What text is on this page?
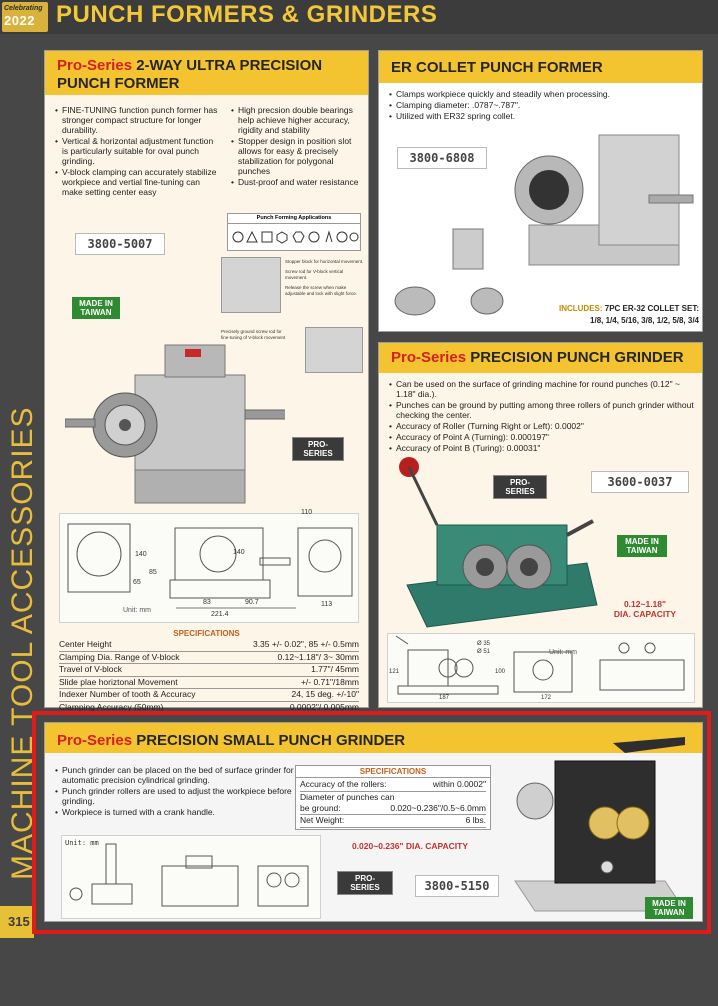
Celebrating
2022 PUNCH FORMERS & GRINDERS
MACHINE TOOL ACCESSORIES
315
Pro-Series 2-WAY ULTRA PRECISION
PUNCH FORMER
• FINE-TUNING function punch former has stronger compact structure for longer durability.
• Vertical & horizontal adjustment function is particularly suitable for oval punch grinding.
• V-block clamping can accurately stabilize workpiece and vertial fine-tuning can make setting center easy
• High precsion double bearings help achieve higher accuracy, rigidity and stability
• Stopper design in position slot allows for easy & precisely stabilization for polygonal punches
• Dust-proof and water resistance
Punch Forming Applications
3800-5007
MADE IN TAIWAN
Stopper block for horizontal movement.
Screw rod for V-block vertical movement.
Release the screw when make adjustable and lock with slight force.
Precisely ground screw rod for fine-tuning of V-block movement
PRO-SERIES
110
140
85
65
140
83	90.7
221.4
113
Unit: mm
SPECIFICATIONS
Center Height	3.35 +/- 0.02", 85 +/- 0.5mm
Clamping Dia. Range of V-block	0.12~1.18"/ 3~ 30mm
Travel of V-block	1.77"/ 45mm
Slide plae horiztonal Movement	+/- 0.71"/18mm
Indexer Number of tooth & Accuracy	24, 15 deg. +/-10"
Clamping Accuracy (50mm)	0.0002"/ 0.005mm
ER COLLET PUNCH FORMER
• Clamps workpiece quickly and steadily when processing.
• Clamping diameter: .0787~.787".
• Utilized with ER32 spring collet.
3800-6808
INCLUDES: 7PC ER-32 COLLET SET:
1/8, 1/4, 5/16, 3/8, 1/2, 5/8, 3/4
Pro-Series PRECISION PUNCH GRINDER
• Can be used on the surface of grinding machine for round punches (0.12" ~ 1.18" dia.).
• Punches can be ground by putting among three rollers of punch grinder without checking the center.
• Accuracy of Roller (Turning Right or Left): 0.0002"
• Accuracy of Point A (Turning): 0.000197"
• Accuracy of Point B (Turing): 0.00031"
PRO-SERIES
3600-0037
MADE IN TAIWAN
0.12~1.18"
DIA. CAPACITY
Unit: mm
Ø 35
Ø 51
121
187
100
172
Pro-Series PRECISION SMALL PUNCH GRINDER
• Punch grinder can be placed on the bed of surface grinder for automatic precision cylindrical grinding.
• Punch grinder rollers are used to adjust the workpiece before grinding.
• Workpiece is turned with a crank handle.
SPECIFICATIONS
Accuracy of the rollers:	within 0.0002"
Diameter of punches can
be ground:	0.020~0.236"/0.5~6.0mm
Net Weight:	6 lbs.
0.020~0.236" DIA. CAPACITY
Unit: mm
PRO-SERIES	3800-5150
MADE IN TAIWAN
